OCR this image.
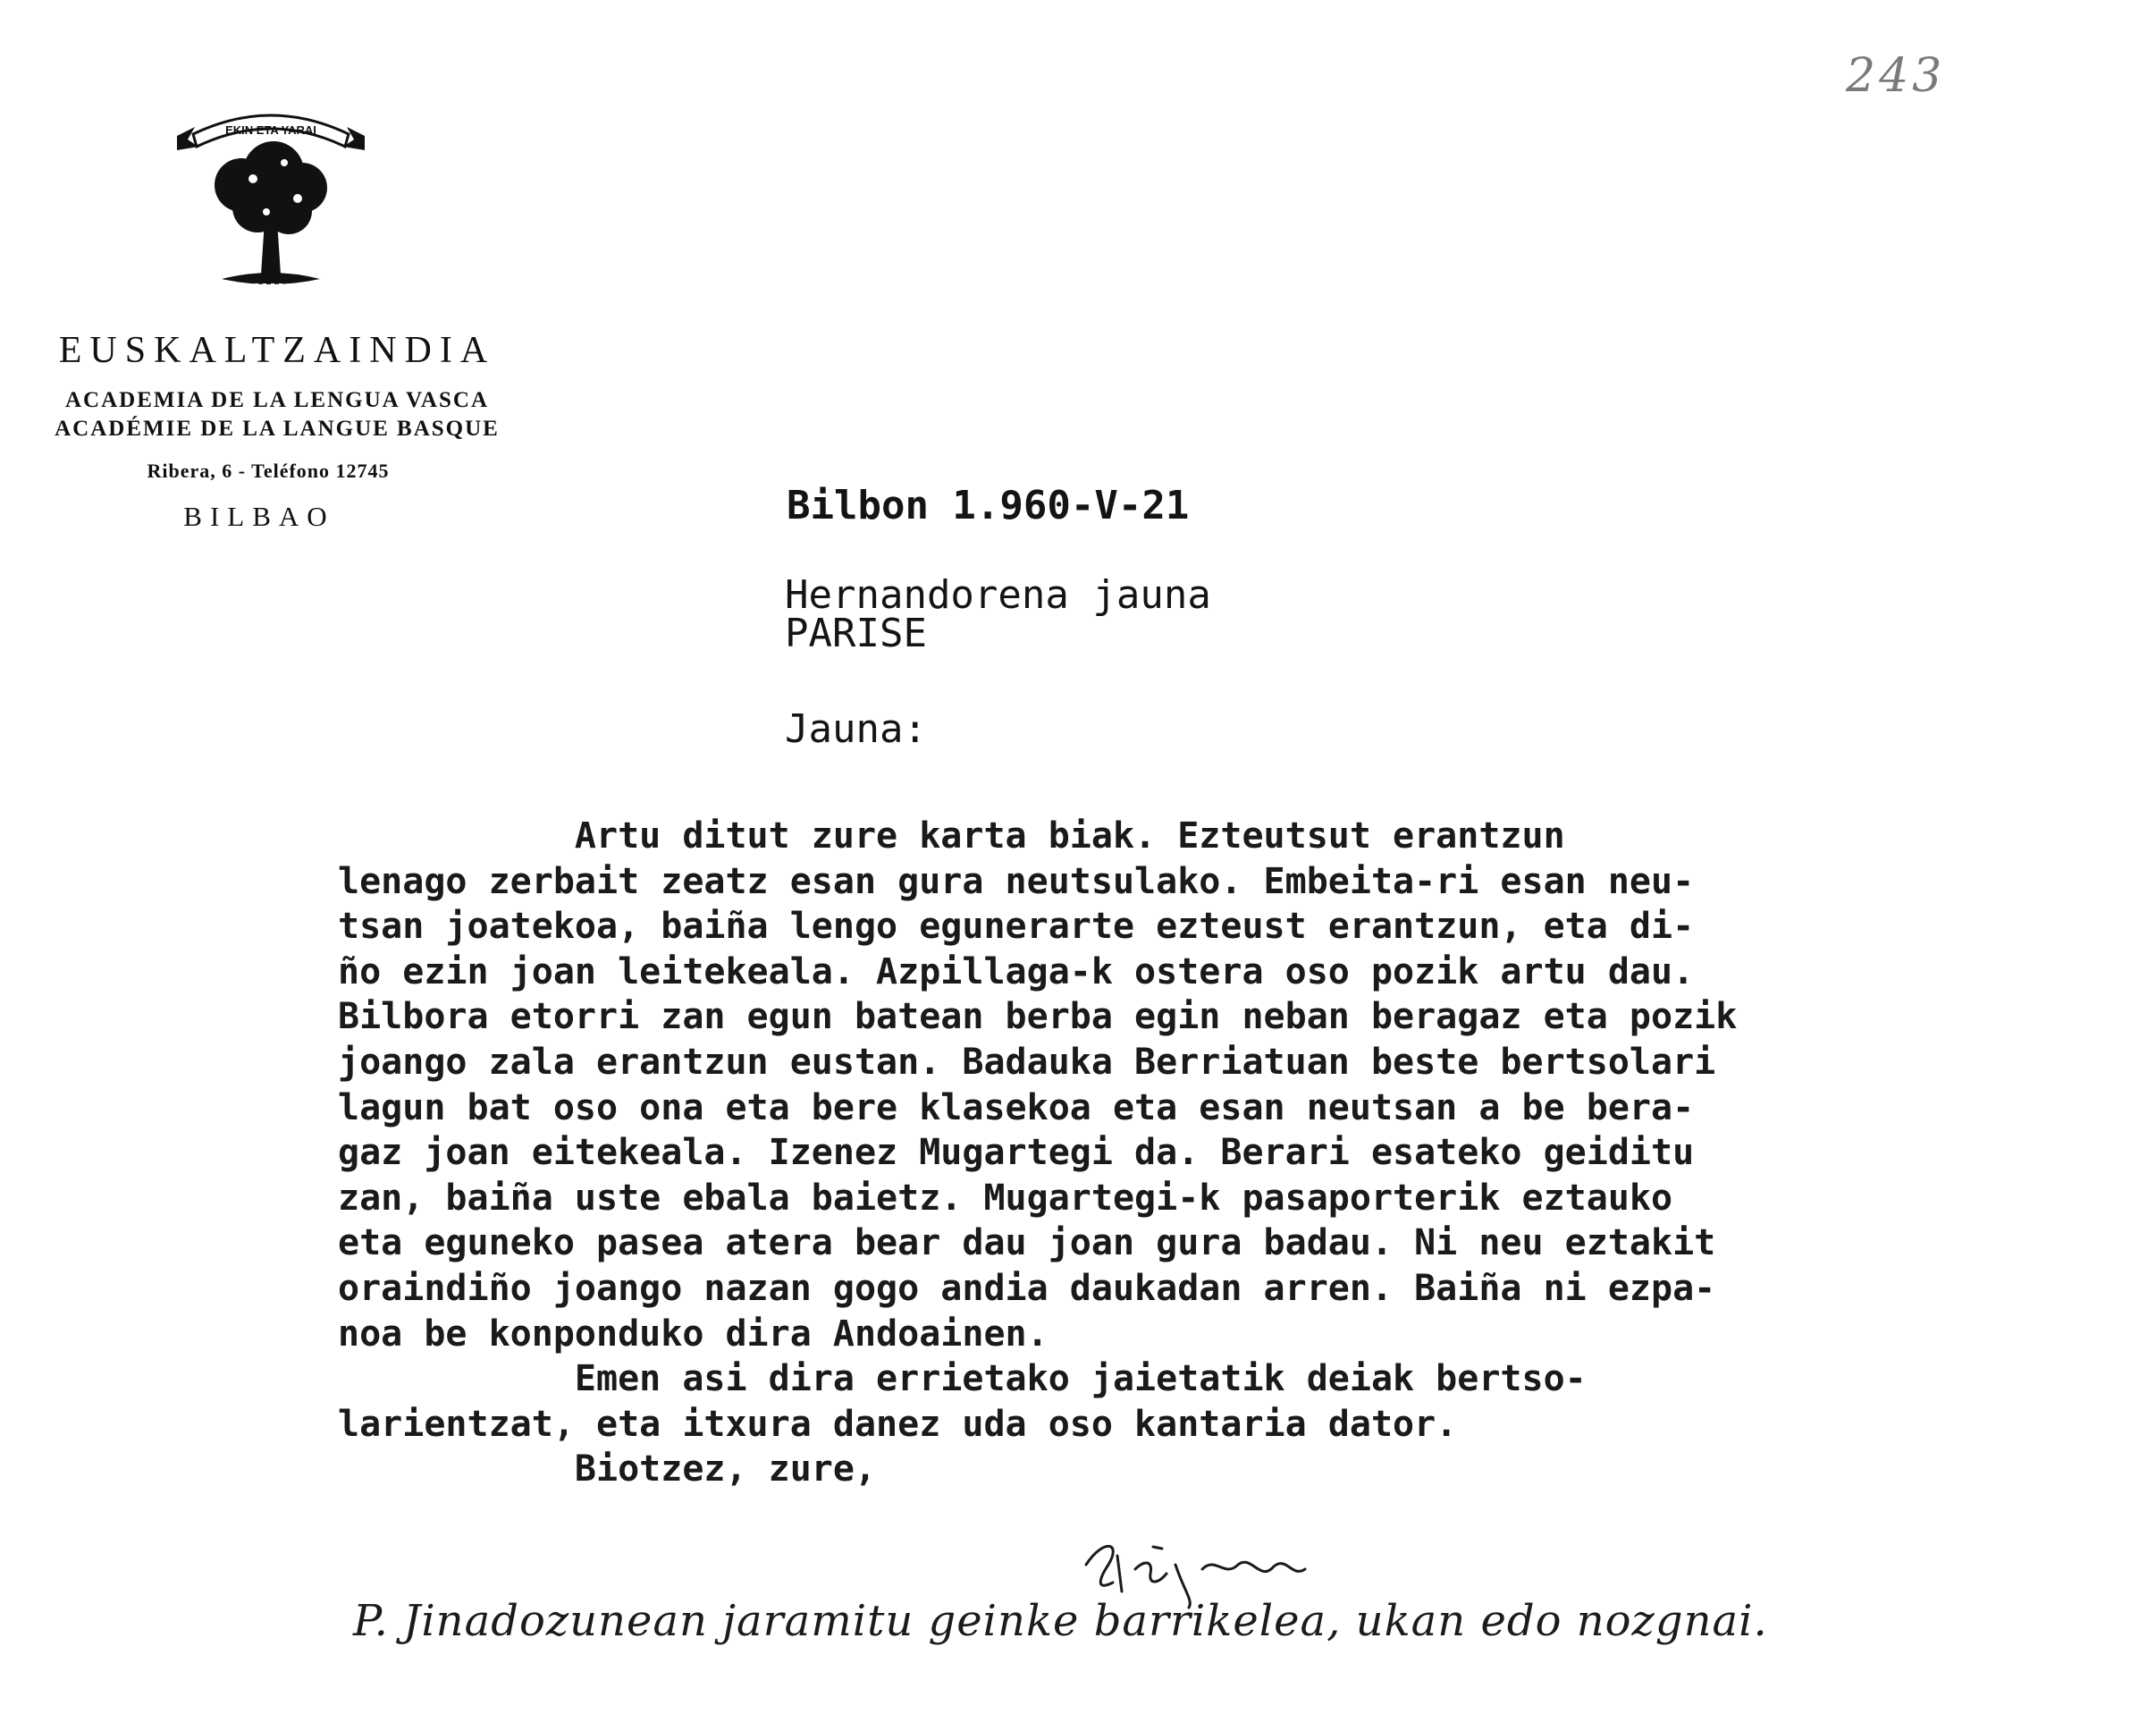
243
EKIN ETA YARAI
EUSKALTZAINDIA
ACADEMIA DE LA LENGUA VASCA
ACADÉMIE DE LA LANGUE BASQUE
Ribera, 6 - Teléfono 12745
BILBAO	Bilbon 1.960-V-21
Hernandorena jauna
PARISE
Jauna:
Artu ditut zure karta biak. Ezteutsut erantzun
lenago zerbait zeatz esan gura neutsulako. Embeita-ri esan neu-
tsan joatekoa, baiña lengo egunerarte ezteust erantzun, eta di-
ño ezin joan leitekeala. Azpillaga-k ostera oso pozik artu dau.
Bilbora etorri zan egun batean berba egin neban beragaz eta pozik
joango zala erantzun eustan. Badauka Berriatuan beste bertsolari
lagun bat oso ona eta bere klasekoa eta esan neutsan a be bera-
gaz joan eitekeala. Izenez Mugartegi da. Berari esateko geiditu
zan, baiña uste ebala baietz. Mugartegi-k pasaporterik eztauko
eta eguneko pasea atera bear dau joan gura badau. Ni neu eztakit
oraindiño joango nazan gogo andia daukadan arren. Baiña ni ezpa-
noa be konponduko dira Andoainen.
Emen asi dira errietako jaietatik deiak bertso-
larientzat, eta itxura danez uda oso kantaria dator.
Biotzez, zure,
P. Jinadozunean jaramitu geinke barrikelea, ukan edo nozgnai.
